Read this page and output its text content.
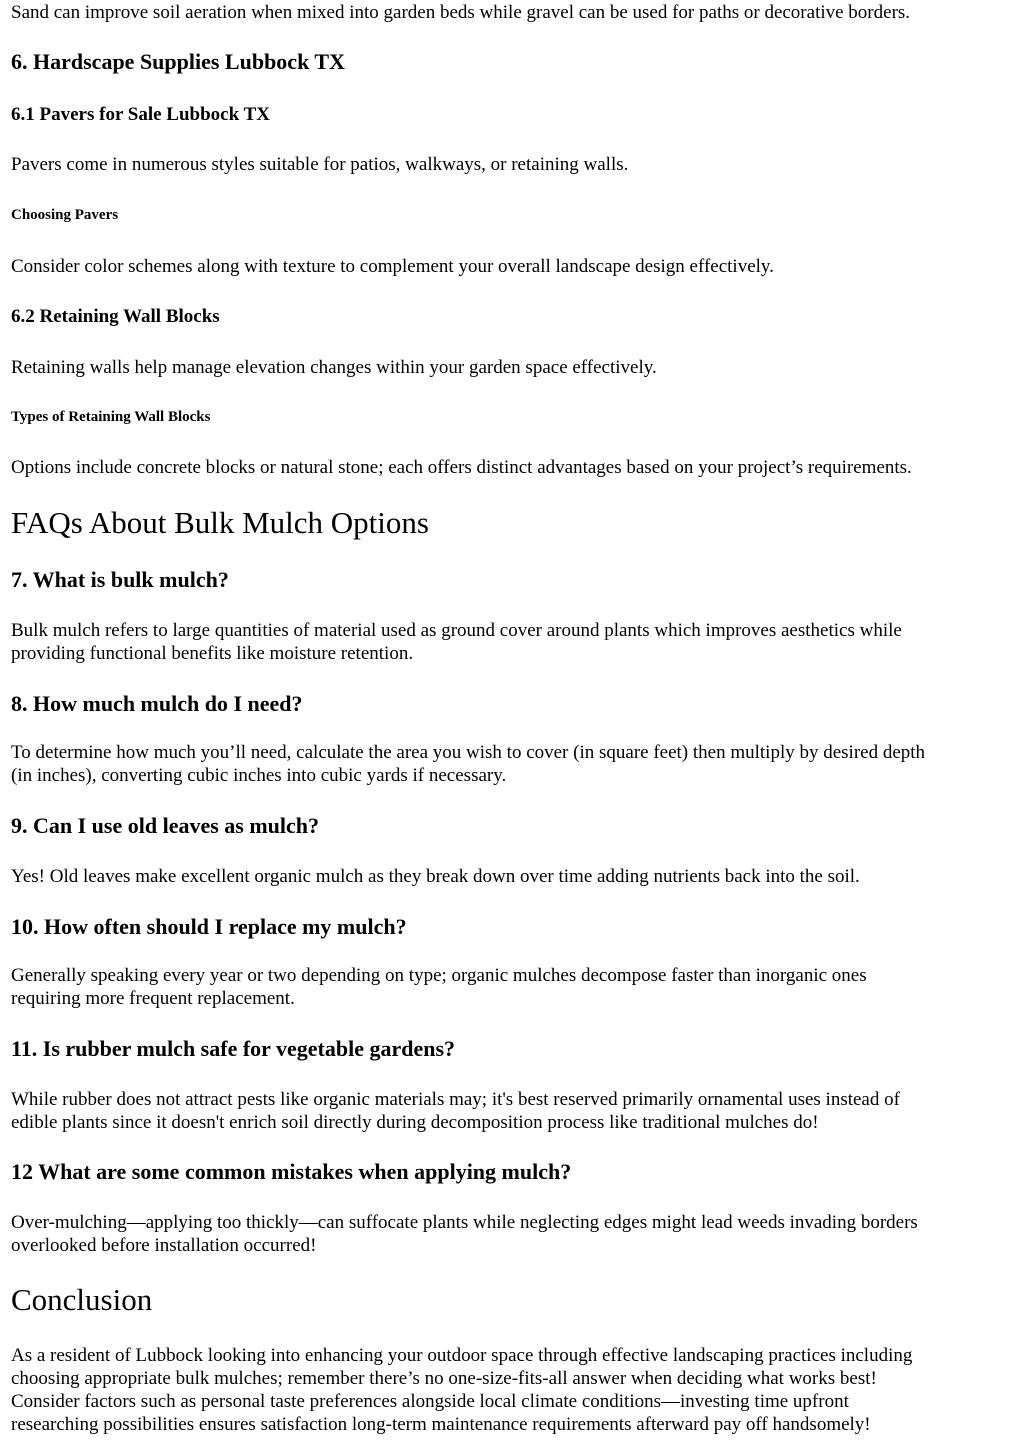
Sand can improve soil aeration when mixed into garden beds while gravel can be used for paths or decorative borders.

6. Hardscape Supplies Lubbock TX
6.1 Pavers for Sale Lubbock TX

Pavers come in numerous styles suitable for patios, walkways, or retaining walls.

Choosing Pavers

Consider color schemes along with texture to complement your overall landscape design effectively.

6.2 Retaining Wall Blocks

Retaining walls help manage elevation changes within your garden space effectively.

Types of Retaining Wall Blocks

Options include concrete blocks or natural stone; each offers distinct advantages based on your project’s requirements.

FAQs About Bulk Mulch Options
7. What is bulk mulch?

Bulk mulch refers to large quantities of material used as ground cover around plants which improves aesthetics while

providing functional benefits like moisture retention.

8. How much mulch do I need?

To determine how much you’ll need, calculate the area you wish to cover (in square feet) then multiply by desired depth

(in inches), converting cubic inches into cubic yards if necessary.

9. Can I use old leaves as mulch?

Yes! Old leaves make excellent organic mulch as they break down over time adding nutrients back into the soil.

10. How often should I replace my mulch?

Generally speaking every year or two depending on type; organic mulches decompose faster than inorganic ones

requiring more frequent replacement.

11. Is rubber mulch safe for vegetable gardens?

While rubber does not attract pests like organic materials may; it's best reserved primarily ornamental uses instead of

edible plants since it doesn't enrich soil directly during decomposition process like traditional mulches do!

12 What are some common mistakes when applying mulch?

Over-mulching—applying too thickly—can suffocate plants while neglecting edges might lead weeds invading borders

overlooked before installation occurred!

Conclusion

As a resident of Lubbock looking into enhancing your outdoor space through effective landscaping practices including

choosing appropriate bulk mulches; remember there’s no one-size-fits-all answer when deciding what works best!

Consider factors such as personal taste preferences alongside local climate conditions—investing time upfront

researching possibilities ensures satisfaction long-term maintenance requirements afterward pay off handsomely!
